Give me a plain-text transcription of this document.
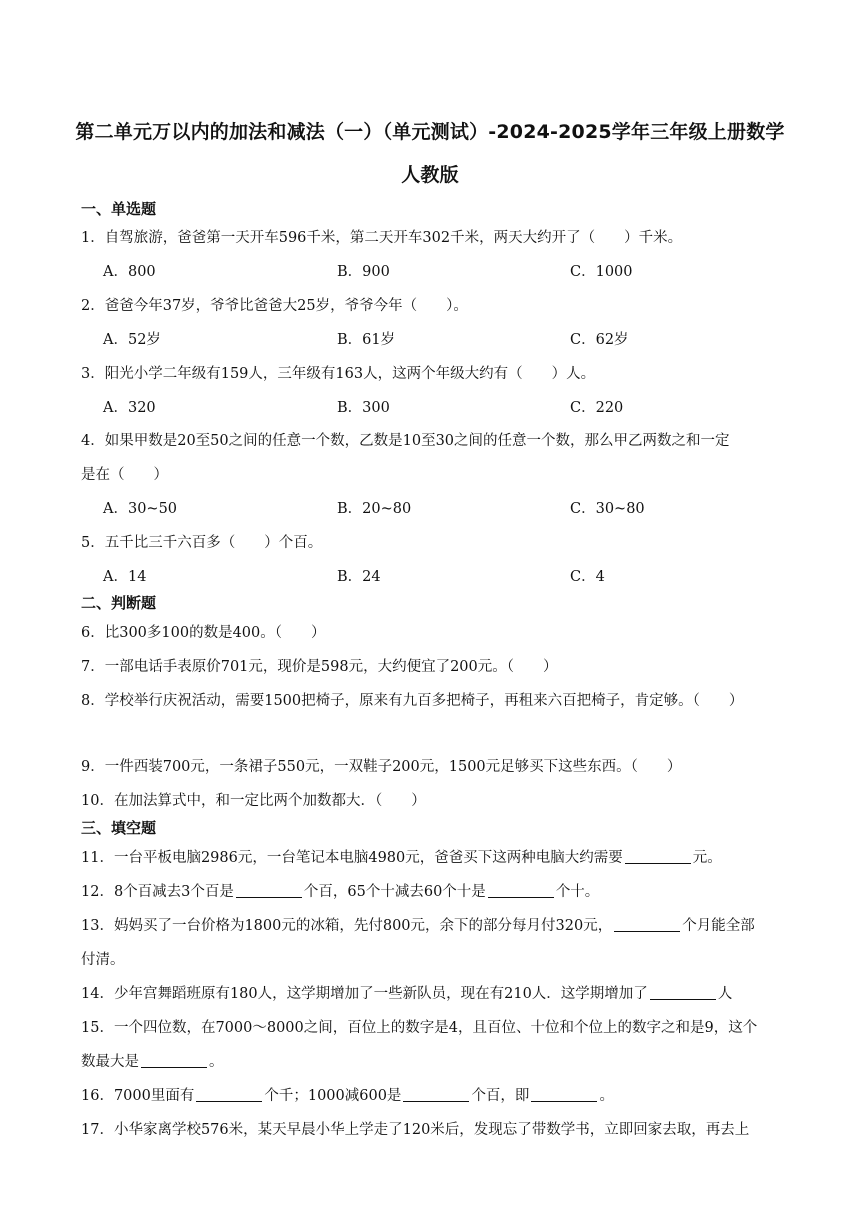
第二单元万以内的加法和减法（一）（单元测试）-2024-2025学年三年级上册数学
人教版
一、单选题
1．自驾旅游，爸爸第一天开车596千米，第二天开车302千米，两天大约开了（　　）千米。
A．800	B．900	C．1000
2．爸爸今年37岁，爷爷比爸爸大25岁，爷爷今年（　　）。
A．52岁	B．61岁	C．62岁
3．阳光小学二年级有159人，三年级有163人，这两个年级大约有（　　）人。
A．320	B．300	C．220
4．如果甲数是20至50之间的任意一个数，乙数是10至30之间的任意一个数，那么甲乙两数之和一定
是在（　　）
A．30~50	B．20~80	C．30~80
5．五千比三千六百多（　　）个百。
A．14	B．24	C．4
二、判断题
6．比300多100的数是400。（　　）
7．一部电话手表原价701元，现价是598元，大约便宜了200元。（　　）
8．学校举行庆祝活动，需要1500把椅子，原来有九百多把椅子，再租来六百把椅子，肯定够。（　　）
9．一件西装700元，一条裙子550元，一双鞋子200元，1500元足够买下这些东西。（　　）
10．在加法算式中，和一定比两个加数都大．（　　）
三、填空题
11．一台平板电脑2986元，一台笔记本电脑4980元，爸爸买下这两种电脑大约需要	元。
12．8个百减去3个百是	个百，65个十减去60个十是	个十。
13．妈妈买了一台价格为1800元的冰箱，先付800元，余下的部分每月付320元，	个月能全部
付清。
14．少年宫舞蹈班原有180人，这学期增加了一些新队员，现在有210人．这学期增加了	人
15．一个四位数，在7000～8000之间，百位上的数字是4，且百位、十位和个位上的数字之和是9，这个
数最大是	。
16．7000里面有	个千；1000减600是	个百，即	。
17．小华家离学校576米，某天早晨小华上学走了120米后，发现忘了带数学书，立即回家去取，再去上
